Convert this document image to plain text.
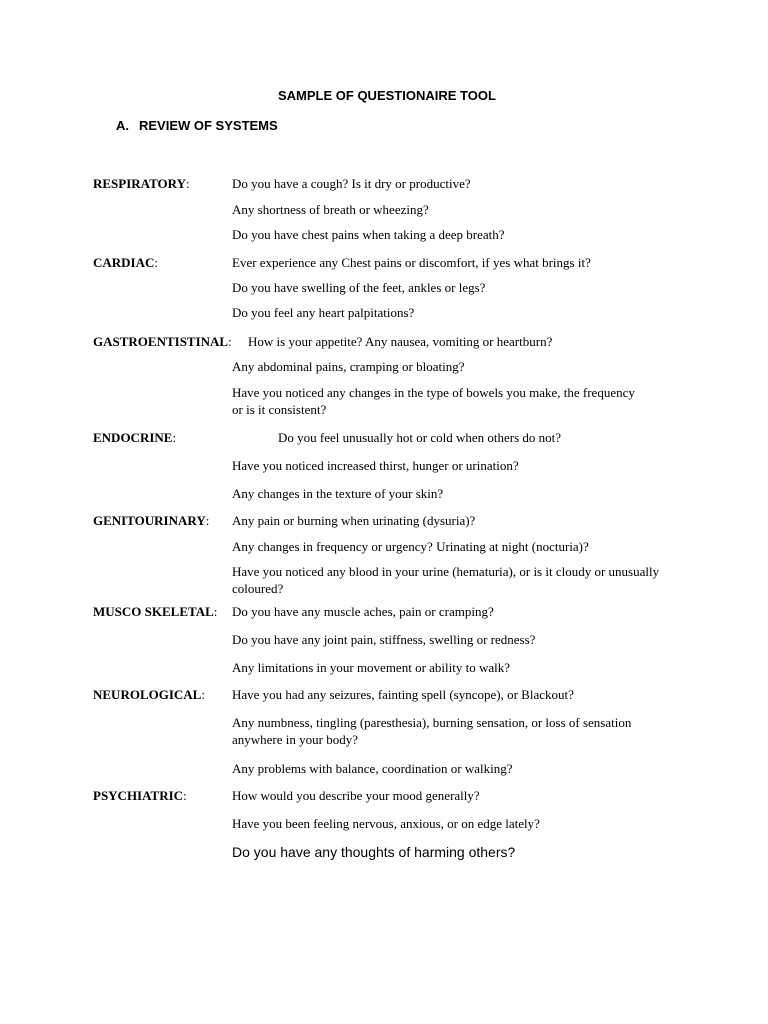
SAMPLE OF QUESTIONAIRE TOOL
A. REVIEW OF SYSTEMS
RESPIRATORY:	Do you have a cough? Is it dry or productive?
Any shortness of breath or wheezing?
Do you have chest pains when taking a deep breath?
CARDIAC:	Ever experience any Chest pains or discomfort, if yes what brings it?
Do you have swelling of the feet, ankles or legs?
Do you feel any heart palpitations?
GASTROENTISTINAL: How is your appetite? Any nausea, vomiting or heartburn?
Any abdominal pains, cramping or bloating?
Have you noticed any changes in the type of bowels you make, the frequency or is it consistent?
ENDOCRINE:	Do you feel unusually hot or cold when others do not?
Have you noticed increased thirst, hunger or urination?
Any changes in the texture of your skin?
GENITOURINARY: Any pain or burning when urinating (dysuria)?
Any changes in frequency or urgency? Urinating at night (nocturia)?
Have you noticed any blood in your urine (hematuria), or is it cloudy or unusually coloured?
MUSCO SKELETAL: Do you have any muscle aches, pain or cramping?
Do you have any joint pain, stiffness, swelling or redness?
Any limitations in your movement or ability to walk?
NEUROLOGICAL: Have you had any seizures, fainting spell (syncope), or Blackout?
Any numbness, tingling (paresthesia), burning sensation, or loss of sensation anywhere in your body?
Any problems with balance, coordination or walking?
PSYCHIATRIC:	How would you describe your mood generally?
Have you been feeling nervous, anxious, or on edge lately?
Do you have any thoughts of harming others?
